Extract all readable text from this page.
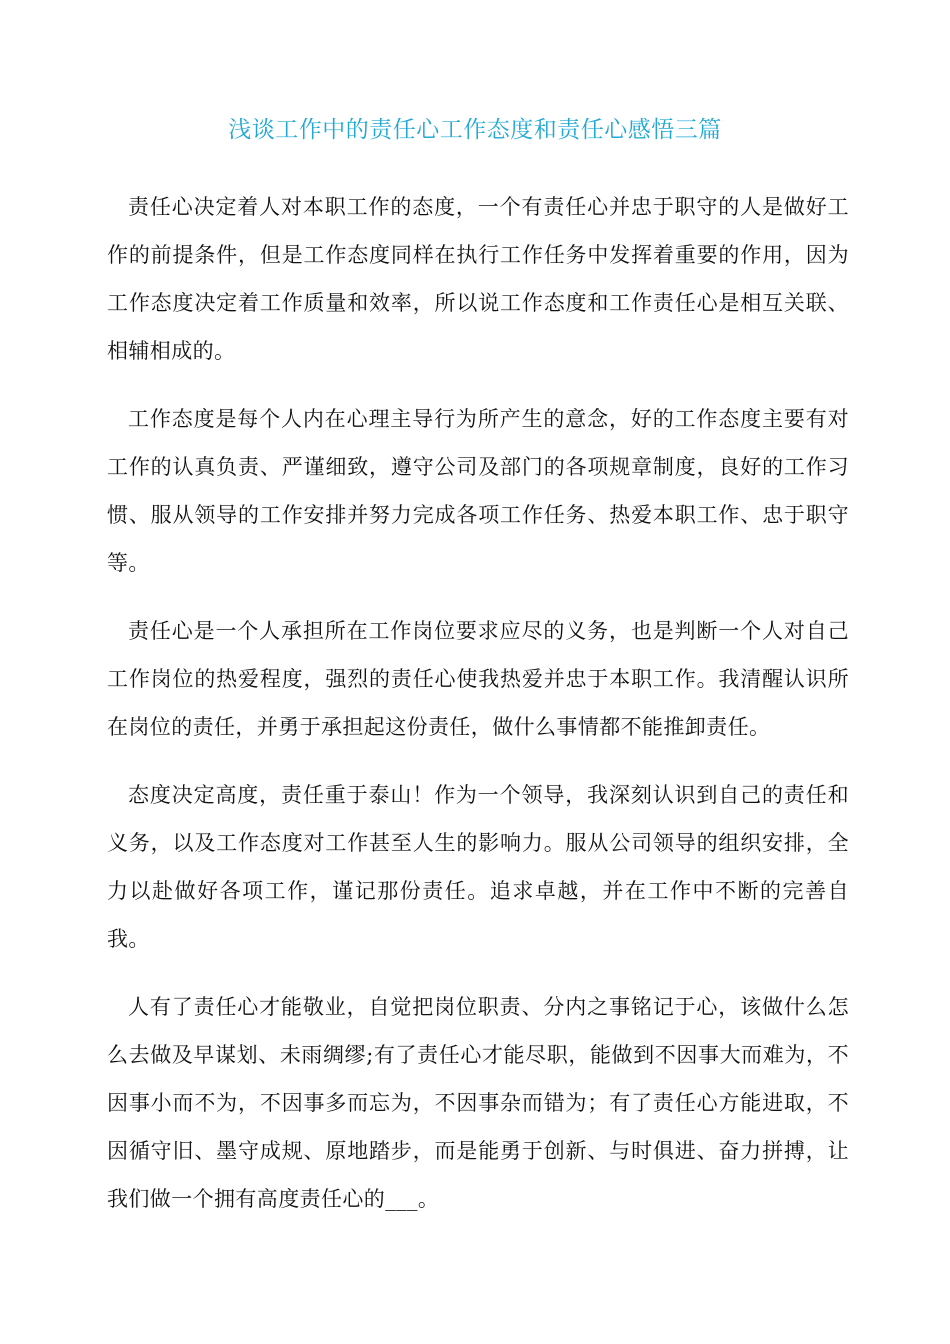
浅谈工作中的责任心工作态度和责任心感悟三篇

责任心决定着人对本职工作的态度，一个有责任心并忠于职守的人是做好工作的前提条件，但是工作态度同样在执行工作任务中发挥着重要的作用，因为工作态度决定着工作质量和效率，所以说工作态度和工作责任心是相互关联、相辅相成的。

工作态度是每个人内在心理主导行为所产生的意念，好的工作态度主要有对工作的认真负责、严谨细致，遵守公司及部门的各项规章制度，良好的工作习惯、服从领导的工作安排并努力完成各项工作任务、热爱本职工作、忠于职守等。

责任心是一个人承担所在工作岗位要求应尽的义务，也是判断一个人对自己工作岗位的热爱程度，强烈的责任心使我热爱并忠于本职工作。我清醒认识所在岗位的责任，并勇于承担起这份责任，做什么事情都不能推卸责任。

态度决定高度，责任重于泰山！作为一个领导，我深刻认识到自己的责任和义务，以及工作态度对工作甚至人生的影响力。服从公司领导的组织安排，全力以赴做好各项工作，谨记那份责任。追求卓越，并在工作中不断的完善自我。

人有了责任心才能敬业，自觉把岗位职责、分内之事铭记于心，该做什么怎么去做及早谋划、未雨绸缪;有了责任心才能尽职，能做到不因事大而难为，不因事小而不为，不因事多而忘为，不因事杂而错为；有了责任心方能进取，不因循守旧、墨守成规、原地踏步，而是能勇于创新、与时俱进、奋力拼搏，让我们做一个拥有高度责任心的___。
